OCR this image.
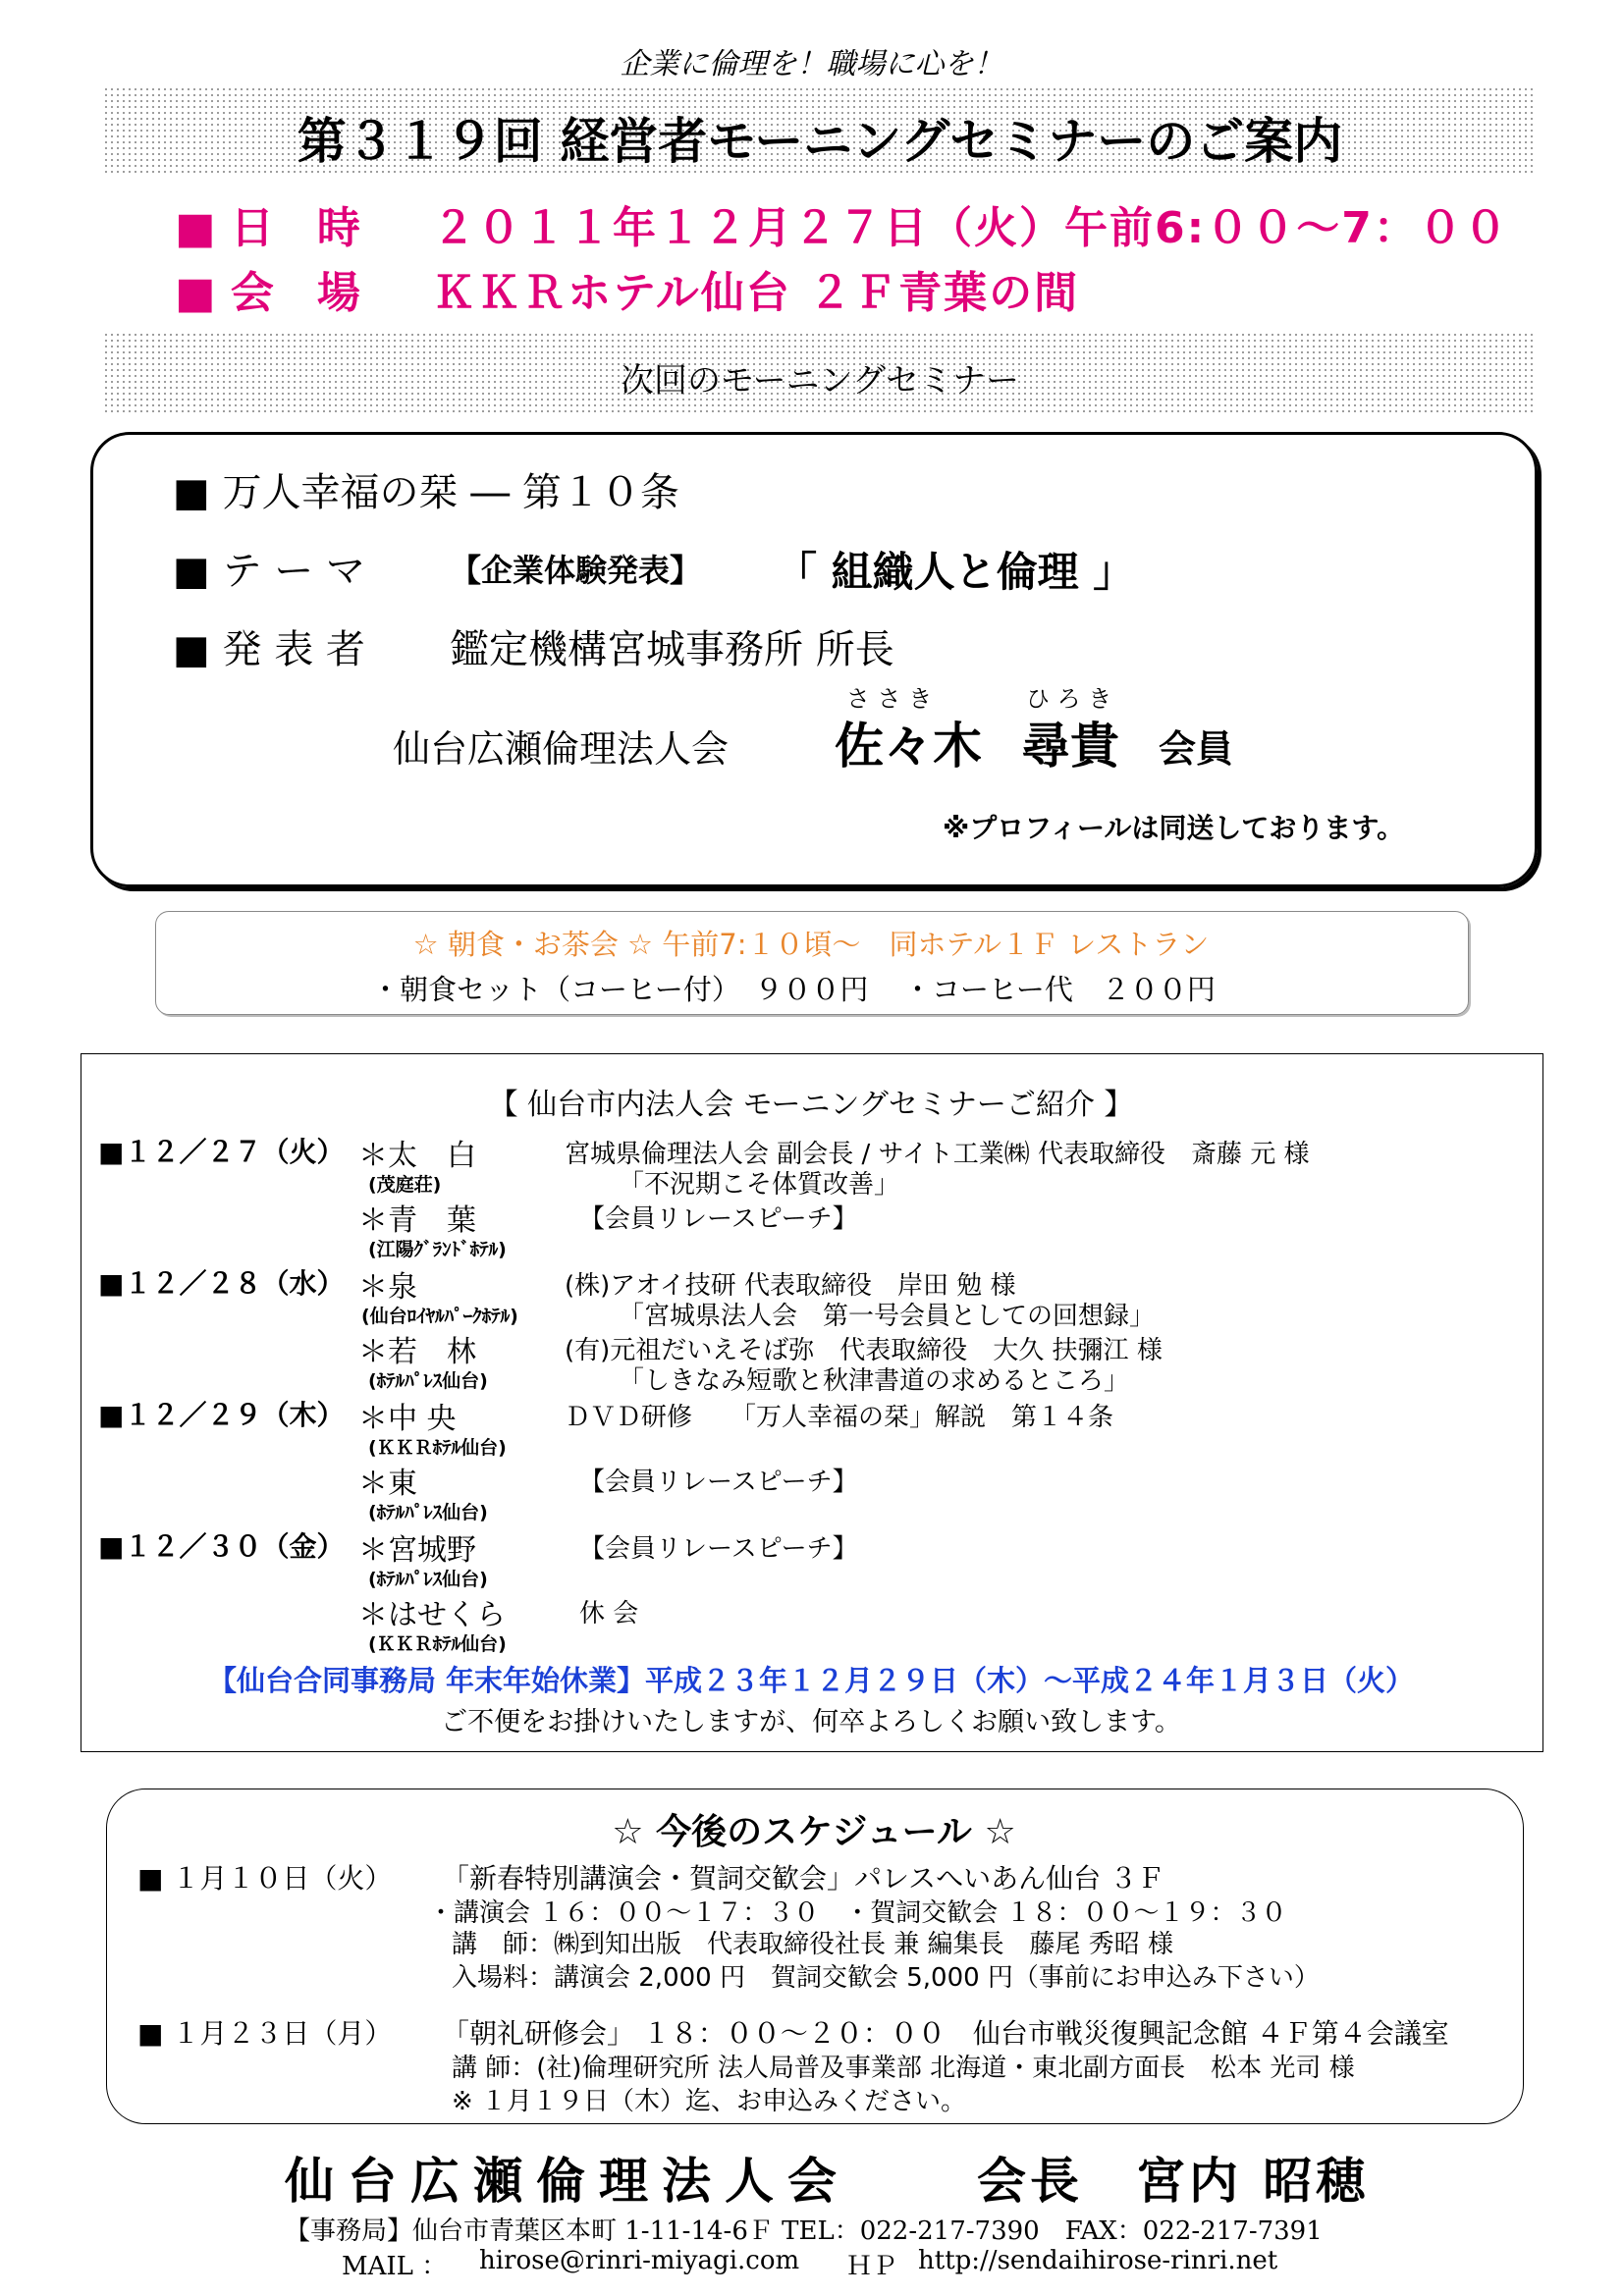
企業に倫理を！職場に心を！
第３１９回 経営者モーニングセミナーのご案内
■ 日　時 ２０１１年１２月２７日（火）午前6:００〜7：００
■ 会　場 ＫＫＲホテル仙台 ２Ｆ青葉の間
次回のモーニングセミナー
■ 万人幸福の栞 ― 第１０条
■ テ ー マ	【企業体験発表】 「 組織人と倫理 」
■ 発 表 者 鑑定機構宮城事務所 所長
仙台広瀬倫理法人会
さ さ き	ひ ろ き
佐々木 尋貴 会員
※プロフィールは同送しております。
☆ 朝食・お茶会 ☆ 午前7:１０頃〜　同ホテル１Ｆ レストラン
・朝食セット（コーヒー付）　９００円 ・コーヒー代　２００円
【 仙台市内法人会 モーニングセミナーご紹介 】
■１２／２７（火） ＊太　白	宮城県倫理法人会 副会長 / サイト工業㈱ 代表取締役　斎藤 元 様
(茂庭荘)	「不況期こそ体質改善」
＊青　葉	【会員リレースピーチ】
(江陽ｸﾞﾗﾝﾄﾞﾎﾃﾙ)
■１２／２８（水） ＊泉	(株)アオイ技研 代表取締役　岸田 勉 様
(仙台ﾛｲﾔﾙﾊﾟｰｸﾎﾃﾙ)	「宮城県法人会　第一号会員としての回想録」
＊若　林	(有)元祖だいえそば弥　代表取締役　大久 扶彌江 様
(ﾎﾃﾙﾊﾟﾚｽ仙台)	「しきなみ短歌と秋津書道の求めるところ」
■１２／２９（木） ＊中 央	ＤＶＤ研修　　「万人幸福の栞」解説　第１４条
(ＫＫＲﾎﾃﾙ仙台)
＊東	【会員リレースピーチ】
(ﾎﾃﾙﾊﾟﾚｽ仙台)
■１２／３０（金） ＊宮城野	【会員リレースピーチ】
(ﾎﾃﾙﾊﾟﾚｽ仙台)
＊はせくら	休 会
(ＫＫＲﾎﾃﾙ仙台)
【仙台合同事務局 年末年始休業】平成２３年１２月２９日（木）〜平成２４年１月３日（火）
ご不便をお掛けいたしますが、何卒よろしくお願い致します。
☆ 今後のスケジュール ☆
■ １月１０日（火） 「新春特別講演会・賀詞交歓会」パレスへいあん仙台 ３Ｆ
・講演会 １６：００〜１７：３０　・賀詞交歓会 １８：００〜１９：３０
講　師：㈱到知出版　代表取締役社長 兼 編集長　藤尾 秀昭 様
入場料：講演会 2,000 円　賀詞交歓会 5,000 円（事前にお申込み下さい）
■ １月２３日（月） 「朝礼研修会」 １８：００〜２０：００　仙台市戦災復興記念館 ４Ｆ第４会議室
講 師：(社)倫理研究所 法人局普及事業部 北海道・東北副方面長　松本 光司 様
※ １月１９日（木）迄、お申込みください。
仙台広瀬倫理法人会	会長　宮内 昭穂
【事務局】仙台市青葉区本町 1-11-14-6Ｆ TEL：022-217-7390　FAX：022-217-7391
MAIL ： hirose@rinri-miyagi.com ＨＰ http://sendaihirose-rinri.net
